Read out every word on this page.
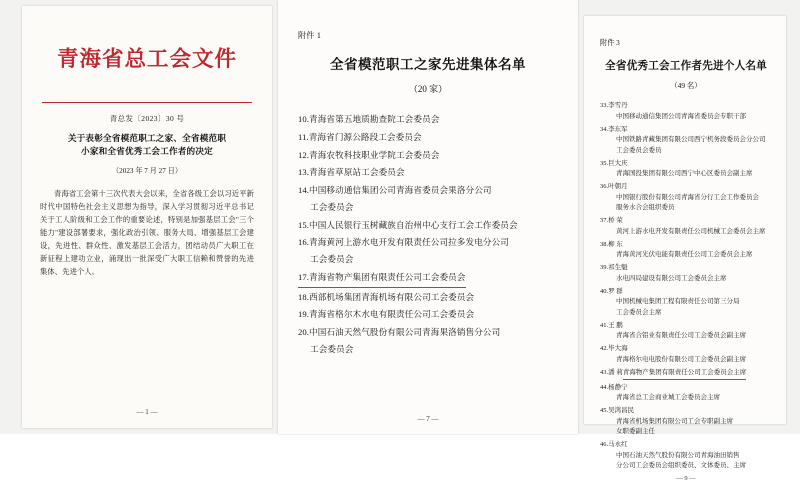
青海省总工会文件
青总发〔2023〕30 号
关于表彰全省模范职工之家、全省模范职
小家和全省优秀工会工作者的决定
（2023 年 7 月 27 日）

青海省工会第十三次代表大会以来，全省各级工会以习近平新时代中国特色社会主义思想为指导，深入学习贯彻习近平总书记关于工人阶级和工会工作的重要论述，特别是加强基层工会"三个能力"建设部署要求，强化政治引领、服务大局、增强基层工会建设，先进性、群众性、激发基层工会活力，团结动员广大职工在新征程上建功立业，涌现出一批深受广大职工信赖和赞誉的先进集体、先进个人。

— 1 —
附件 1
全省模范职工之家先进集体名单
（20 家）
10.青海省第五地质勘查院工会委员会
11.青海省门源公路段工会委员会
12.青海农牧科技职业学院工会委员会
13.青海省草原站工会委员会
14.中国移动通信集团公司青海省委员会果洛分公司
工会委员会
15.中国人民银行玉树藏族自治州中心支行工会工作委员会
16.青海黄河上游水电开发有限责任公司拉多发电分公司
工会委员会
17.青海省物产集团有限责任公司工会委员会
18.西部机场集团青海机场有限公司工会委员会
19.青海省格尔木水电有限责任公司工会委员会
20.中国石油天然气股份有限公司青海果洛销售分公司
工会委员会
— 7 —
附件 3
全省优秀工会工作者先进个人名单
（49 名）
33.李雪丹
中国移动通信集团公司青海省委员会专职干部
34.李东军
中国铁路青藏集团有限公司西宁机务段委员会分公司
工会委员会委员
35.巨大庆
青海国投集团有限公司西宁中心区委员会副主席
36.叶朝月
中国银行股份有限公司青海省分行工会工作委员会
服务水合会组织委员
37.桥 荣
黄河上游水电开发有限责任公司机械工会委员会主席
38.柳 东
青海黄河光伏电能有限责任公司工会委员会主席
39.祁生魁
水电四局建设有限公司工会委员会主席
40.罗 群
中国机械电集团工程有限责任公司第三分局
工会委员会主席
41.王 鹏
青海省合铝业有限责任公司工会委员会副主席
42.毕大海
青海格尔电电股份有限公司工会委员会副主席
43.潘 莉青海物产集团有限责任公司工会委员会主席
44.杨静宁
青海省总工会商业城工会委员会主席
45.吴鸿昌民
青海省机场集团有限公司工会专职副主席
女职委副主任
46.马永红
中国石油天然气股份有限公司青海油田销售
分公司工会委员会组织委员、文体委员、主席
— 9 —
